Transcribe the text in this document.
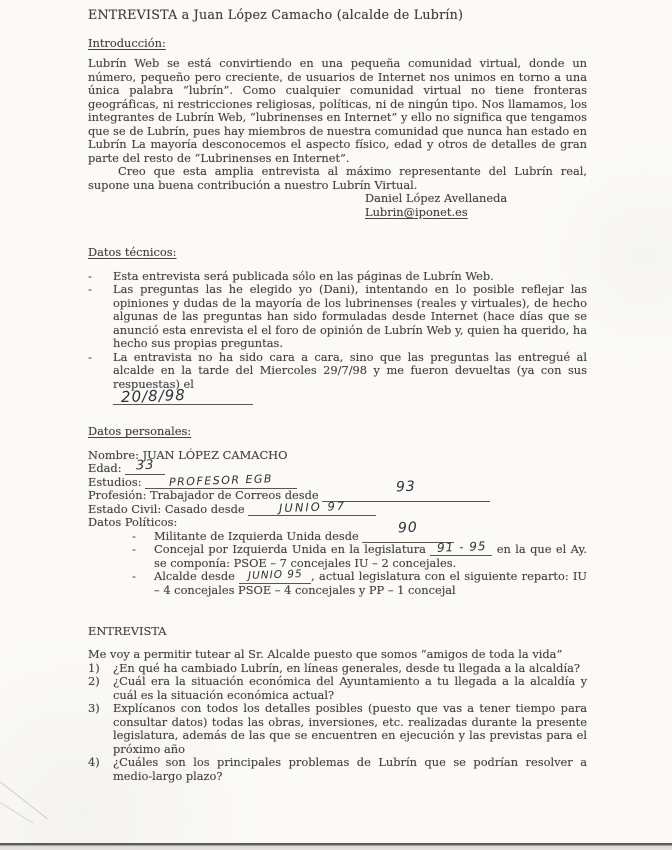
ENTREVISTA a Juan López Camacho (alcalde de Lubrín)
Introducción:

Lubrín Web se está convirtiendo en una pequeña comunidad virtual, donde un número, pequeño pero creciente, de usuarios de Internet nos unimos en torno a una única palabra “lubrín”. Como cualquier comunidad virtual no tiene fronteras geográficas, ni restricciones religiosas, políticas, ni de ningún tipo. Nos llamamos, los integrantes de Lubrín Web, “lubrinenses en Internet” y ello no significa que tengamos que se de Lubrín, pues hay miembros de nuestra comunidad que nunca han estado en Lubrín La mayoría desconocemos el aspecto físico, edad y otros de detalles de gran parte del resto de “Lubrinenses en Internet”.

Creo que esta amplia entrevista al máximo representante del Lubrín real, supone una buena contribución a nuestro Lubrín Virtual.

Daniel López Avellaneda
Lubrin@iponet.es
Datos técnicos:
-	Esta entrevista será publicada sólo en las páginas de Lubrín Web.

-	Las preguntas las he elegido yo (Dani), intentando en lo posible reflejar las opiniones y dudas de la mayoría de los lubrinenses (reales y virtuales), de hecho algunas de las preguntas han sido formuladas desde Internet (hace días que se anunció esta enrevista el el foro de opinión de Lubrín Web y, quien ha querido, ha hecho sus propias preguntas.

-	La entravista no ha sido cara a cara, sino que las preguntas las entregué al alcalde en la tarde del Miercoles 29/7/98 y me fueron devueltas (ya con sus respuestas) el

20/8/98
Datos personales:
Nombre: JUAN LÓPEZ CAMACHO
Edad: 33
Estudios: PROFESOR EGB
Profesión: Trabajador de Correos desde	93
Estado Civil: Casado desde	JUNIO 97
Datos Políticos:
-	Militante de Izquierda Unida desde	90

-	Concejal por Izquierda Unida en la legislatura 91 - 95 en la que el Ay. se componía: PSOE – 7 concejales IU – 2 concejales.

-	Alcalde desde JUNIO 95 , actual legislatura con el siguiente reparto: IU – 4 concejales PSOE – 4 concejales y PP – 1 concejal

ENTREVISTA

Me voy a permitir tutear al Sr. Alcalde puesto que somos “amigos de toda la vida”

1)	¿En qué ha cambiado Lubrín, en líneas generales, desde tu llegada a la alcaldía?

2)	¿Cuál era la situación económica del Ayuntamiento a tu llegada a la alcaldía y cuál es la situación económica actual?

3)	Explícanos con todos los detalles posibles (puesto que vas a tener tiempo para consultar datos) todas las obras, inversiones, etc. realizadas durante la presente legislatura, además de las que se encuentren en ejecución y las previstas para el próximo año

4)	¿Cuáles son los principales problemas de Lubrín que se podrían resolver a medio-largo plazo?
